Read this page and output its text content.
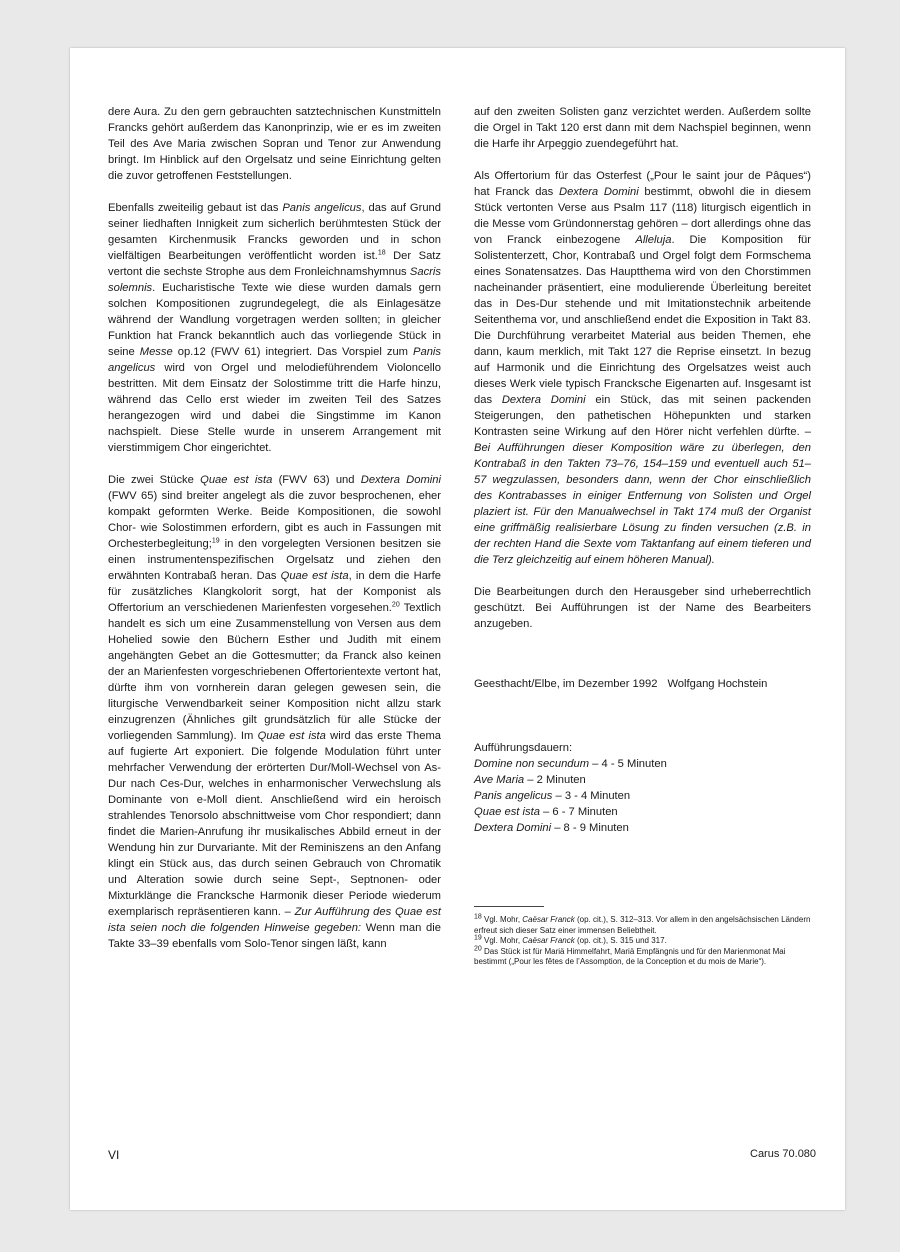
dere Aura. Zu den gern gebrauchten satztechnischen Kunstmitteln Francks gehört außerdem das Kanonprinzip, wie er es im zweiten Teil des Ave Maria zwischen Sopran und Tenor zur Anwendung bringt. Im Hinblick auf den Orgelsatz und seine Einrichtung gelten die zuvor getroffenen Feststellungen.

Ebenfalls zweiteilig gebaut ist das Panis angelicus, das auf Grund seiner liedhaften Innigkeit zum sicherlich berühmtesten Stück der gesamten Kirchenmusik Francks geworden und in schon vielfältigen Bearbeitungen veröffentlicht worden ist.$^{18}$ Der Satz vertont die sechste Strophe aus dem Fronleichnamshymnus Sacris solemnis. Eucharistische Texte wie diese wurden damals gern solchen Kompositionen zugrundegelegt, die als Einlagesätze während der Wandlung vorgetragen werden sollten; in gleicher Funktion hat Franck bekanntlich auch das vorliegende Stück in seine Messe op.12 (FWV 61) integriert. Das Vorspiel zum Panis angelicus wird von Orgel und melodieführendem Violoncello bestritten. Mit dem Einsatz der Solostimme tritt die Harfe hinzu, während das Cello erst wieder im zweiten Teil des Satzes herangezogen wird und dabei die Singstimme im Kanon nachspielt. Diese Stelle wurde in unserem Arrangement mit vierstimmigem Chor eingerichtet.

Die zwei Stücke Quae est ista (FWV 63) und Dextera Domini (FWV 65) sind breiter angelegt als die zuvor besprochenen, eher kompakt geformten Werke. Beide Kompositionen, die sowohl Chor- wie Solostimmen erfordern, gibt es auch in Fassungen mit Orchesterbegleitung;$^{19}$ in den vorgelegten Versionen besitzen sie einen instrumentenspezifischen Orgelsatz und ziehen den erwähnten Kontrabaß heran. Das Quae est ista, in dem die Harfe für zusätzliches Klangkolorit sorgt, hat der Komponist als Offertorium an verschiedenen Marienfesten vorgesehen.$^{20}$ Textlich handelt es sich um eine Zusammenstellung von Versen aus dem Hohelied sowie den Büchern Esther und Judith mit einem angehängten Gebet an die Gottesmutter; da Franck also keinen der an Marienfesten vorgeschriebenen Offertorientexte vertont hat, dürfte ihm von vornherein daran gelegen gewesen sein, die liturgische Verwendbarkeit seiner Komposition nicht allzu stark einzugrenzen (Ähnliches gilt grundsätzlich für alle Stücke der vorliegenden Sammlung). Im Quae est ista wird das erste Thema auf fugierte Art exponiert. Die folgende Modulation führt unter mehrfacher Verwendung der erörterten Dur/Moll-Wechsel von As-Dur nach Ces-Dur, welches in enharmonischer Verwechslung als Dominante von e-Moll dient. Anschließend wird ein heroisch strahlendes Tenorsolo abschnittweise vom Chor respondiert; dann findet die Marien-Anrufung ihr musikalisches Abbild erneut in der Wendung hin zur Durvariante. Mit der Reminiszens an den Anfang klingt ein Stück aus, das durch seinen Gebrauch von Chromatik und Alteration sowie durch seine Sept-, Septnonen- oder Mixturklänge die Francksche Harmonik dieser Periode wiederum exemplarisch repräsentieren kann. – Zur Aufführung des Quae est ista seien noch die folgenden Hinweise gegeben: Wenn man die Takte 33–39 ebenfalls vom Solo-Tenor singen läßt, kann

auf den zweiten Solisten ganz verzichtet werden. Außerdem sollte die Orgel in Takt 120 erst dann mit dem Nachspiel beginnen, wenn die Harfe ihr Arpeggio zuendegeführt hat.

Als Offertorium für das Osterfest („Pour le saint jour de Pâques“) hat Franck das Dextera Domini bestimmt, obwohl die in diesem Stück vertonten Verse aus Psalm 117 (118) liturgisch eigentlich in die Messe vom Gründonnerstag gehören – dort allerdings ohne das von Franck einbezogene Alleluja. Die Komposition für Solistenterzett, Chor, Kontrabaß und Orgel folgt dem Formschema eines Sonatensatzes. Das Hauptthema wird von den Chorstimmen nacheinander präsentiert, eine modulierende Überleitung bereitet das in Des-Dur stehende und mit Imitationstechnik arbeitende Seitenthema vor, und anschließend endet die Exposition in Takt 83. Die Durchführung verarbeitet Material aus beiden Themen, ehe dann, kaum merklich, mit Takt 127 die Reprise einsetzt. In bezug auf Harmonik und die Einrichtung des Orgelsatzes weist auch dieses Werk viele typisch Francksche Eigenarten auf. Insgesamt ist das Dextera Domini ein Stück, das mit seinen packenden Steigerungen, den pathetischen Höhepunkten und starken Kontrasten seine Wirkung auf den Hörer nicht verfehlen dürfte. – Bei Aufführungen dieser Komposition wäre zu überlegen, den Kontrabaß in den Takten 73–76, 154–159 und eventuell auch 51–57 wegzulassen, besonders dann, wenn der Chor einschließlich des Kontrabasses in einiger Entfernung von Solisten und Orgel plaziert ist. Für den Manualwechsel in Takt 174 muß der Organist eine griffmäßig realisierbare Lösung zu finden versuchen (z.B. in der rechten Hand die Sexte vom Taktanfang auf einem tieferen und die Terz gleichzeitig auf einem höheren Manual).

Die Bearbeitungen durch den Herausgeber sind urheberrechtlich geschützt. Bei Aufführungen ist der Name des Bearbeiters anzugeben.

Geesthacht/Elbe, im Dezember 1992 Wolfgang Hochstein
Aufführungsdauern:
Domine non secundum – 4 - 5 Minuten
Ave Maria – 2 Minuten
Panis angelicus – 3 - 4 Minuten
Quae est ista – 6 - 7 Minuten
Dextera Domini – 8 - 9 Minuten

$^{18}$ Vgl. Mohr, Caësar Franck (op. cit.), S. 312–313. Vor allem in den angelsächsischen Ländern erfreut sich dieser Satz einer immensen Beliebtheit.

$^{19}$ Vgl. Mohr, Caësar Franck (op. cit.), S. 315 und 317.

$^{20}$ Das Stück ist für Mariä Himmelfahrt, Mariä Empfängnis und für den Marienmonat Mai bestimmt („Pour les fêtes de l’Assomption, de la Conception et du mois de Marie“).

VI	Carus 70.080
